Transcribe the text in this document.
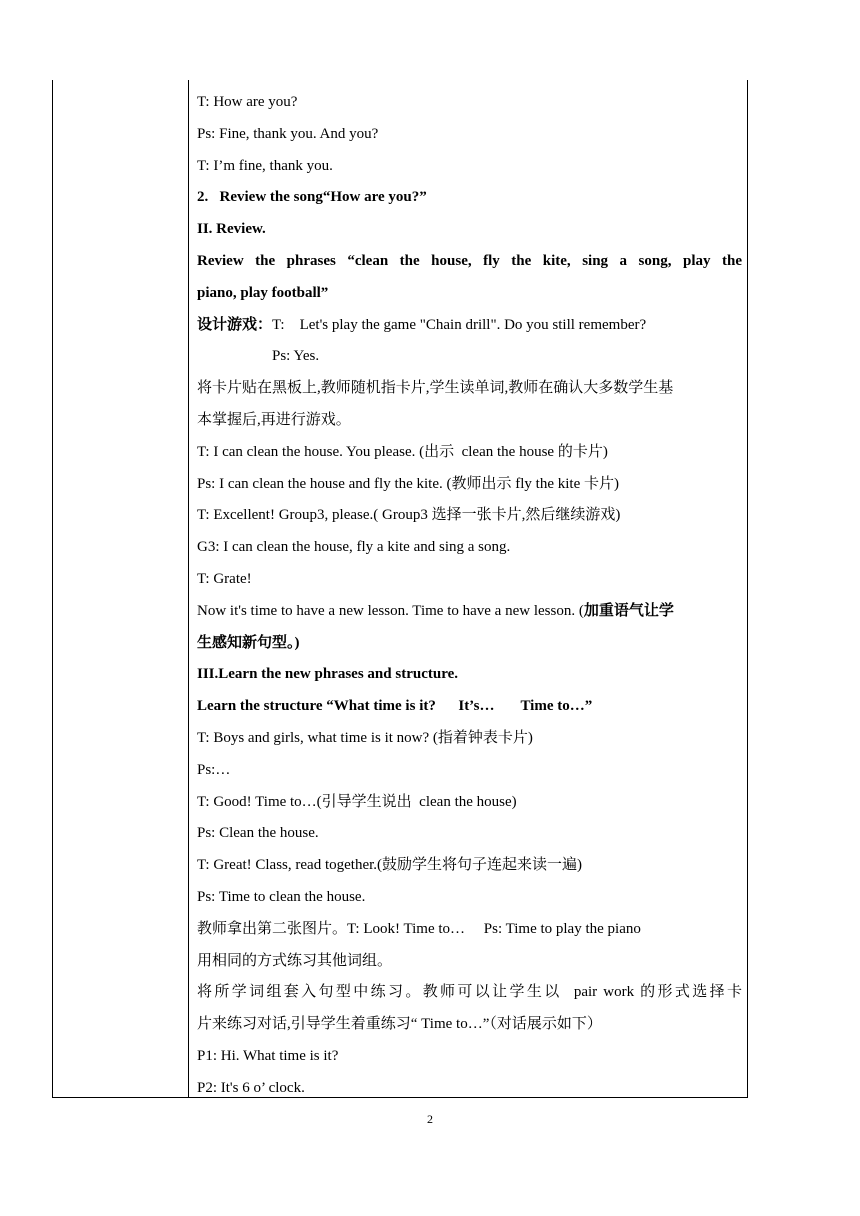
T: How are you?
Ps: Fine, thank you. And you?
T: I’m fine, thank you.
2.   Review the song“How are you?”
II. Review.
Review the phrases “clean the house, fly the kite, sing a song, play the
piano, play football”
设计游戏：T:    Let's play the game "Chain drill". Do you still remember?
Ps: Yes.
将卡片贴在黑板上,教师随机指卡片,学生读单词,教师在确认大多数学生基
本掌握后,再进行游戏。
T: I can clean the house. You please. (出示  clean the house 的卡片)
Ps: I can clean the house and fly the kite. (教师出示 fly the kite 卡片)
T: Excellent! Group3, please.( Group3 选择一张卡片,然后继续游戏)
G3: I can clean the house, fly a kite and sing a song.
T: Grate!
Now it's time to have a new lesson. Time to have a new lesson. (加重语气让学
生感知新句型。)
III.Learn the new phrases and structure.
Learn the structure “What time is it?      It’s…       Time to…”
T: Boys and girls, what time is it now? (指着钟表卡片)
Ps:…
T: Good! Time to…(引导学生说出  clean the house)
Ps: Clean the house.
T: Great! Class, read together.(鼓励学生将句子连起来读一遍)
Ps: Time to clean the house.
教师拿出第二张图片。T: Look! Time to…     Ps: Time to play the piano
用相同的方式练习其他词组。
将所学词组套入句型中练习。教师可以让学生以  pair work 的形式选择卡
片来练习对话,引导学生着重练习“ Time to…”（对话展示如下）
P1: Hi. What time is it?
P2: It's 6 o’ clock.
2
